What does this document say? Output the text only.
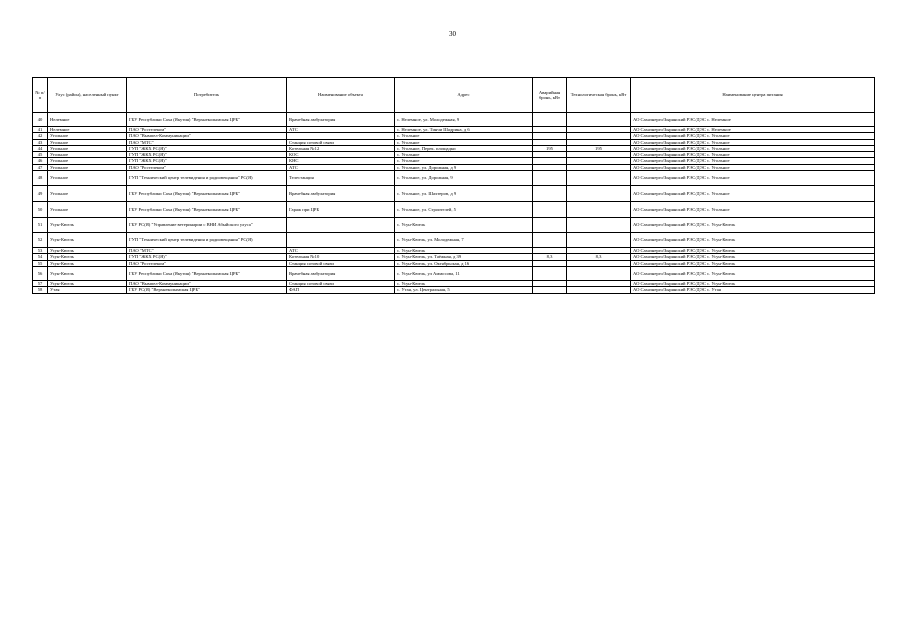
30
№ п/п	Улус (район), населенный пункт	Потребитель	Наименование объекта	Адрес	Аварийная бронь, кВт	Технологическая бронь, кВт	Наименование центра питания
40	Нелемное	ГБУ Республики Саха (Якутия) "Верхнеколымская ЦРБ"	Врачебная амбулатория	с. Нелемное, ул. Молодежная, 9			АО Сахаэнерго/Зырянский РЭС/ДЭС с. Нелемное
41	Нелемное	ПАО "Ростелеком"	АТС	с. Нелемное, ул. Тинчи Шадрина, д 6			АО Сахаэнерго/Зырянский РЭС/ДЭС с. Нелемное
42	Угольное	ПАО "Вымпел-Коммуникации"		с. Угольное			АО Сахаэнерго/Зырянский РЭС/ДЭС с. Угольное
43	Угольное	ПАО "МТС"	Станция сотовой связи	с. Угольное			АО Сахаэнерго/Зырянский РЭС/ДЭС с. Угольное
44	Угольное	ГУП "ЖКХ РС(Я)"	Котельная №12	с. Угольное, Перек. площадки	195	195	АО Сахаэнерго/Зырянский РЭС/ДЭС с. Угольное
45	Угольное	ГУП "ЖКХ РС(Я)"	КОС	с. Угольное			АО Сахаэнерго/Зырянский РЭС/ДЭС с. Угольное
46	Угольное	ГУП "ЖКХ РС(Я)"	КНС	с. Угольное			АО Сахаэнерго/Зырянский РЭС/ДЭС с. Угольное
47	Угольное	ПАО "Ростелеком"	АТС	с. Угольное, ул. Дорожная, д 9			АО Сахаэнерго/Зырянский РЭС/ДЭС с. Угольное
48	Угольное	ГУП "Технический центр телевидения и радиовещания" РС(Я)	Телестанция	с. Угольное, ул. Дорожная, 9			АО Сахаэнерго/Зырянский РЭС/ДЭС с. Угольное
49	Угольное	ГБУ Республики Саха (Якутия) "Верхнеколымская ЦРБ"	Врачебная амбулатория	с. Угольное, ул. Шахтеров, д 9			АО Сахаэнерго/Зырянский РЭС/ДЭС с. Угольное
50	Угольное	ГБУ Республики Саха (Якутия) "Верхнеколымская ЦРБ"	Гараж при ЦРБ	с. Угольное, ул. Строителей, 5			АО Сахаэнерго/Зырянский РЭС/ДЭС с. Угольное
51	Усун-Кюель	ГБУ РС(Я) "Управление ветеринарии с ВНИ Абыйского улуса"		с. Усун-Кюель			АО Сахаэнерго/Зырянский РЭС/ДЭС с. Усун-Кюель
52	Усун-Кюель	ГУП "Технический центр телевидения и радиовещания" РС(Я)		с. Усун-Кюель, ул. Молодежная, 7			АО Сахаэнерго/Зырянский РЭС/ДЭС с. Усун-Кюель
53	Усун-Кюель	ПАО "МТС"	АТС	с. Усун-Кюель			АО Сахаэнерго/Зырянский РЭС/ДЭС с. Усун-Кюель
54	Усун-Кюель	ГУП "ЖКХ РС(Я)"	Котельная №10	с. Усун-Кюель, ул. Таёжная, д 39	8,3	8,3	АО Сахаэнерго/Зырянский РЭС/ДЭС с. Усун-Кюель
55	Усун-Кюель	ПАО "Ростелеком"	Станция сотовой связи	с. Усун-Кюель, ул. Октябрьская, д 16			АО Сахаэнерго/Зырянский РЭС/ДЭС с. Усун-Кюель
56	Усун-Кюель	ГБУ Республики Саха (Якутия) "Верхнеколымская ЦРБ"	Врачебная амбулатория	с. Усун-Кюель, ул Аммосова, 11			АО Сахаэнерго/Зырянский РЭС/ДЭС с. Усун-Кюель
57	Усун-Кюель	ПАО "Вымпел-Коммуникации"	Станция сотовой связи	с. Усун-Кюель			АО Сахаэнерго/Зырянский РЭС/ДЭС с. Усун-Кюель
58	Утая	ГБУ РС(Я) "Верхнеколымская ЦРБ"	ФАП	с. Утая, ул. Центральная, 5			АО Сахаэнерго/Зырянский РЭС/ДЭС с. Утая
